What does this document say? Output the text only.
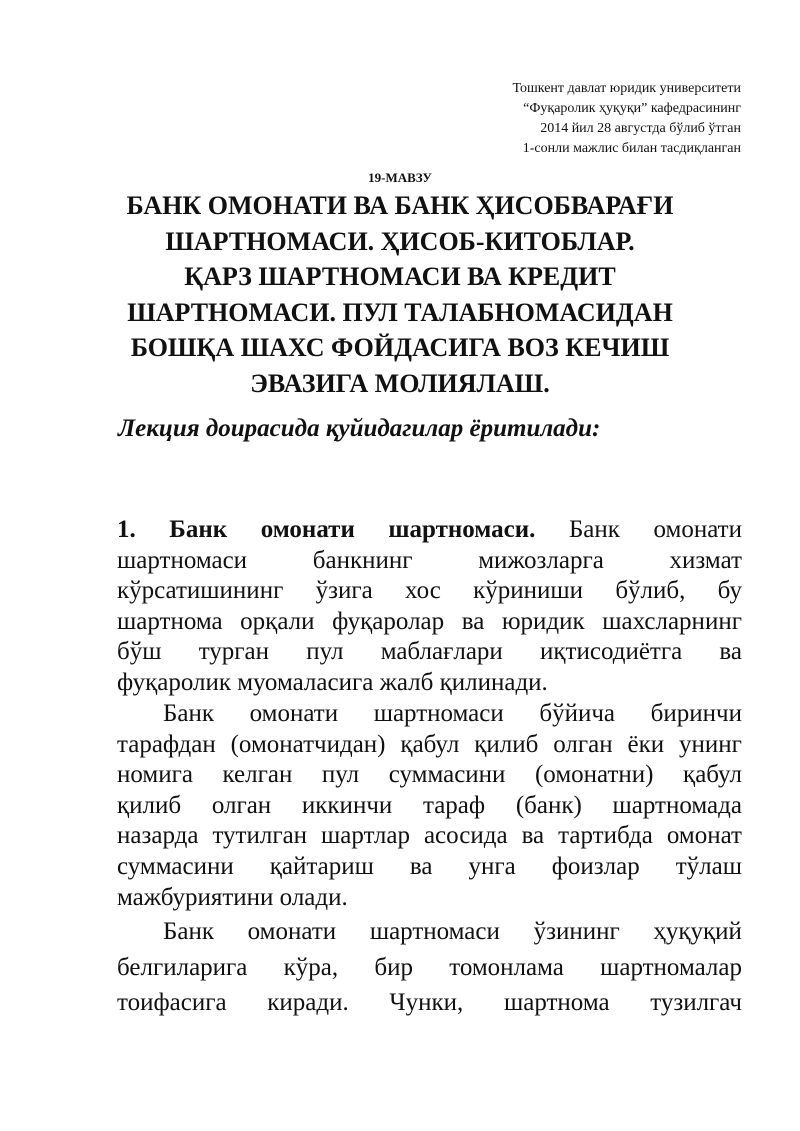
Тошкент давлат юридик университети
“Фуқаролик ҳуқуқи” кафедрасининг
2014 йил 28 августда бўлиб ўтган
1-сонли мажлис билан тасдиқланган
19-МАВЗУ
БАНК ОМОНАТИ ВА БАНК ҲИСОБВАРАҒИ
ШАРТНОМАСИ. ҲИСОБ-КИТОБЛАР.
ҚАРЗ ШАРТНОМАСИ ВА КРЕДИТ
ШАРТНОМАСИ. ПУЛ ТАЛАБНОМАСИДАН
БОШҚА ШАХС ФОЙДАСИГА ВОЗ КЕЧИШ
ЭВАЗИГА МОЛИЯЛАШ.
Лекция доирасида қуйидагилар ёритилади:
1. Банк омонати шартномаси. Банк омонати
шартномаси	банкнинг	мижозларга	хизмат
кўрсатишининг ўзига хос кўриниши бўлиб, бу
шартнома орқали фуқаролар ва юридик шахсларнинг
бўш турган пул маблағлари иқтисодиётга ва
фуқаролик муомаласига жалб қилинади.
Банк омонати шартномаси бўйича биринчи
тарафдан (омонатчидан) қабул қилиб олган ёки унинг
номига келган пул суммасини (омонатни) қабул
қилиб олган иккинчи тараф (банк) шартномада
назарда тутилган шартлар асосида ва тартибда омонат
суммасини қайтариш ва унга фоизлар тўлаш
мажбуриятини олади.
Банк омонати шартномаси ўзининг ҳуқуқий
белгиларига кўра, бир томонлама шартномалар
тоифасига киради. Чунки, шартнома тузилгач
